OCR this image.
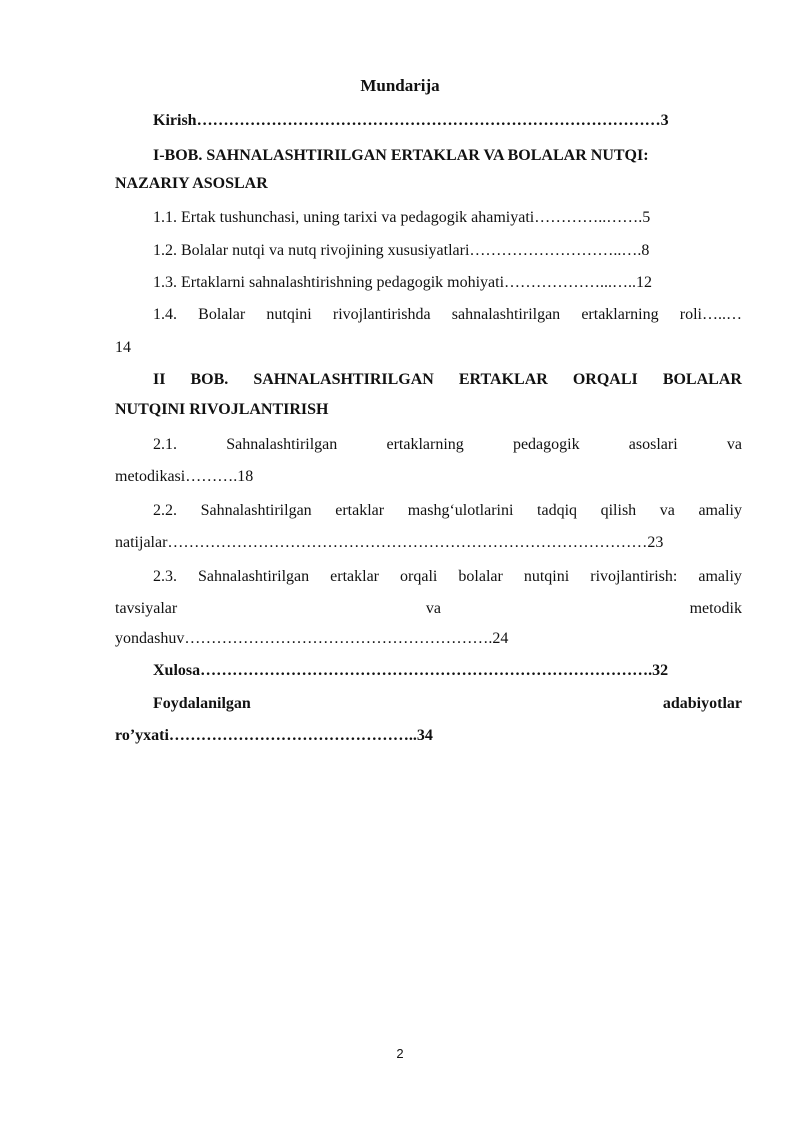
Mundarija
Kirish……………………………………………………………………………3
I-BOB. SAHNALASHTIRILGAN ERTAKLAR VA BOLALAR NUTQI:
NAZARIY ASOSLAR
1.1. Ertak tushunchasi, uning tarixi va pedagogik ahamiyati…………..…….5
1.2. Bolalar nutqi va nutq rivojining xususiyatlari………………………..….8
1.3. Ertaklarni sahnalashtirishning pedagogik mohiyati………………...…..12
1.4. Bolalar nutqini rivojlantirishda sahnalashtirilgan ertaklarning roli…..…
14
II BOB. SAHNALASHTIRILGAN ERTAKLAR ORQALI BOLALAR
NUTQINI RIVOJLANTIRISH
2.1.	Sahnalashtirilgan	ertaklarning	pedagogik	asoslari	va
metodikasi……….18
2.2. Sahnalashtirilgan ertaklar mashg‘ulotlarini tadqiq qilish va amaliy
natijalar………………………………………………………………………………23
2.3. Sahnalashtirilgan ertaklar orqali bolalar nutqini rivojlantirish: amaliy
tavsiyalar	va	metodik
yondashuv………………………………………………….24
Xulosa………………………………………………………………………….32
Foydalanilgan	adabiyotlar
ro’yxati………………………………………..34
2
